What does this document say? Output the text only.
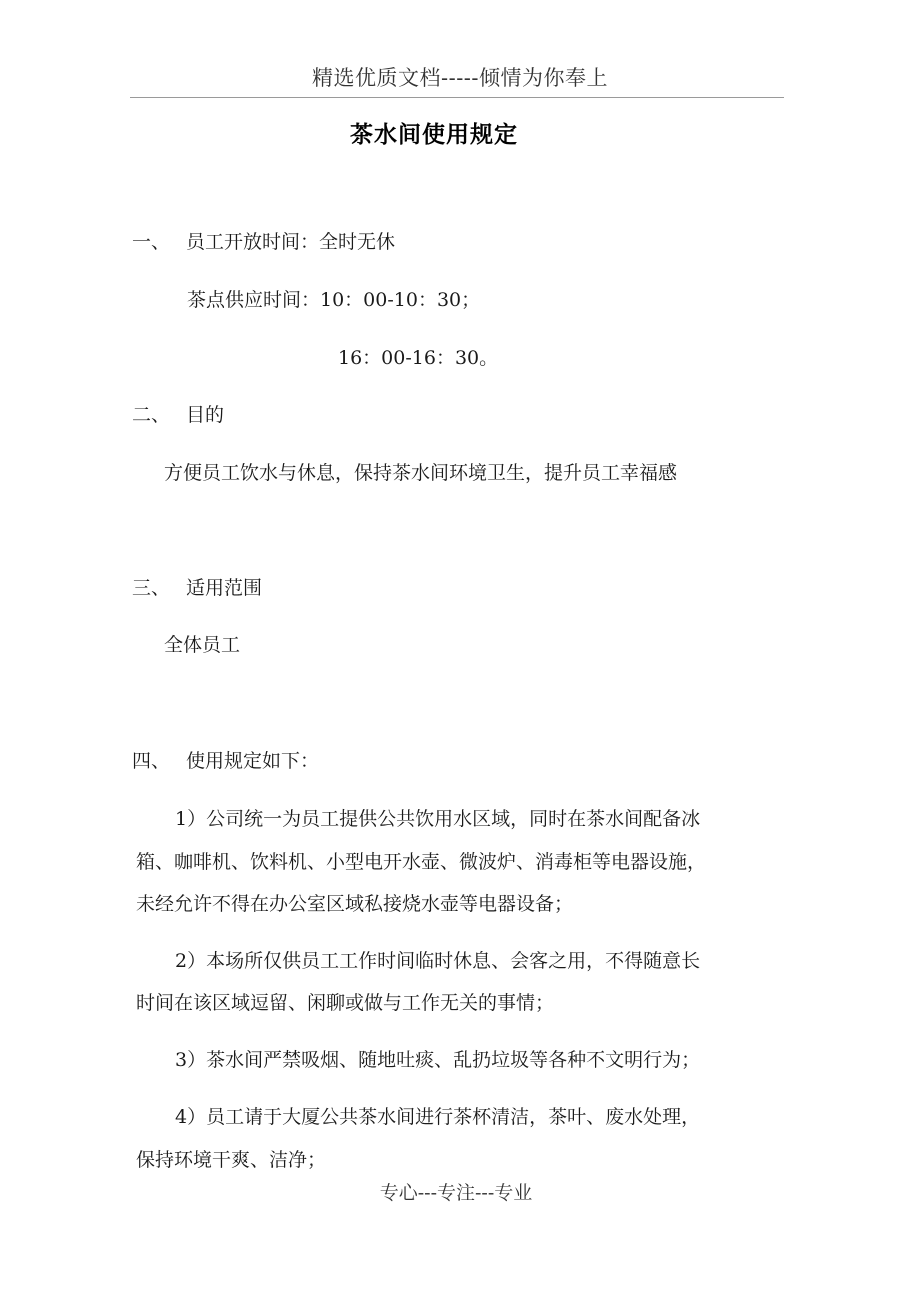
精选优质文档-----倾情为你奉上
茶水间使用规定
一、 员工开放时间：全时无休
茶点供应时间：10：00-10：30；
16：00-16：30。
二、 目的
方便员工饮水与休息，保持茶水间环境卫生，提升员工幸福感
三、 适用范围
全体员工
四、 使用规定如下：
1）公司统一为员工提供公共饮用水区域，同时在茶水间配备冰
箱、咖啡机、饮料机、小型电开水壶、微波炉、消毒柜等电器设施，
未经允许不得在办公室区域私接烧水壶等电器设备；
2）本场所仅供员工工作时间临时休息、会客之用，不得随意长
时间在该区域逗留、闲聊或做与工作无关的事情；
3）茶水间严禁吸烟、随地吐痰、乱扔垃圾等各种不文明行为；
4）员工请于大厦公共茶水间进行茶杯清洁，茶叶、废水处理，
保持环境干爽、洁净；
专心---专注---专业
